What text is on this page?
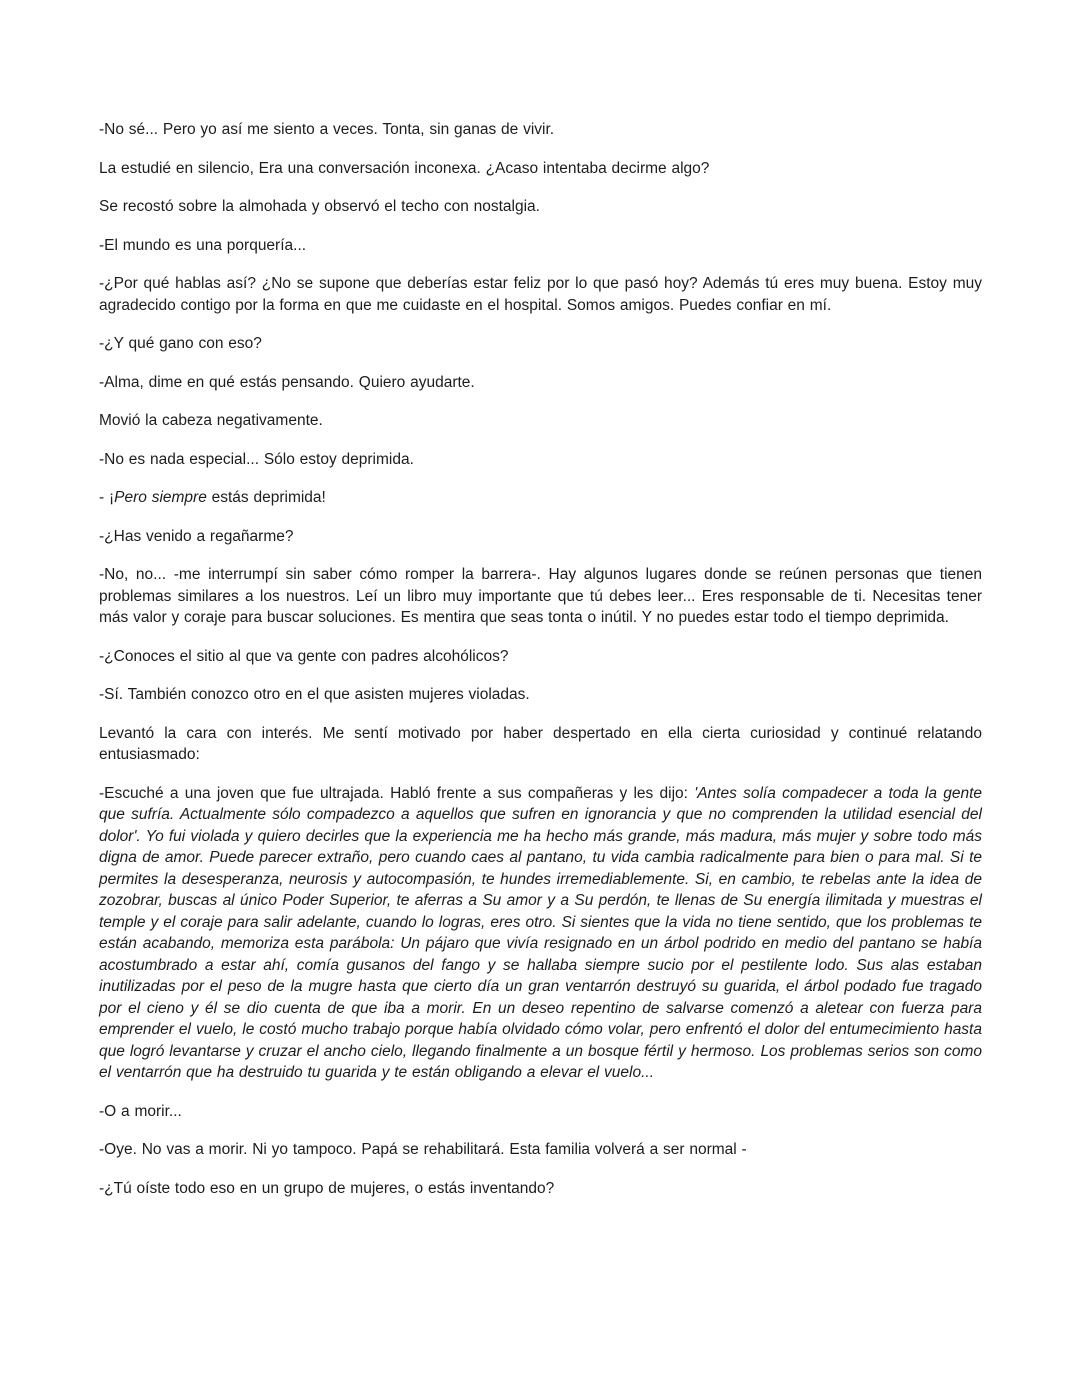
-No sé... Pero yo así me siento a veces. Tonta, sin ganas de vivir.

La estudié en silencio, Era una conversación inconexa. ¿Acaso intentaba decirme algo?

Se recostó sobre la almohada y observó el techo con nostalgia.

-El mundo es una porquería...

-¿Por qué hablas así? ¿No se supone que deberías estar feliz por lo que pasó hoy? Además tú eres muy buena. Estoy muy agradecido contigo por la forma en que me cuidaste en el hospital. Somos amigos. Puedes confiar en mí.

-¿Y qué gano con eso?

-Alma, dime en qué estás pensando. Quiero ayudarte.

Movió la cabeza negativamente.

-No es nada especial... Sólo estoy deprimida.

- ¡Pero siempre estás deprimida!

-¿Has venido a regañarme?

-No, no... -me interrumpí sin saber cómo romper la barrera-. Hay algunos lugares donde se reúnen personas que tienen problemas similares a los nuestros. Leí un libro muy importante que tú debes leer... Eres responsable de ti. Necesitas tener más valor y coraje para buscar soluciones. Es mentira que seas tonta o inútil. Y no puedes estar todo el tiempo deprimida.

-¿Conoces el sitio al que va gente con padres alcohólicos?

-Sí. También conozco otro en el que asisten mujeres violadas.

Levantó la cara con interés. Me sentí motivado por haber despertado en ella cierta curiosidad y continué relatando entusiasmado:

-Escuché a una joven que fue ultrajada. Habló frente a sus compañeras y les dijo: 'Antes solía compadecer a toda la gente que sufría. Actualmente sólo compadezco a aquellos que sufren en ignorancia y que no comprenden la utilidad esencial del dolor'. Yo fui violada y quiero decirles que la experiencia me ha hecho más grande, más madura, más mujer y sobre todo más digna de amor. Puede parecer extraño, pero cuando caes al pantano, tu vida cambia radicalmente para bien o para mal. Si te permites la desesperanza, neurosis y autocompasión, te hundes irremediablemente. Si, en cambio, te rebelas ante la idea de zozobrar, buscas al único Poder Superior, te aferras a Su amor y a Su perdón, te llenas de Su energía ilimitada y muestras el temple y el coraje para salir adelante, cuando lo logras, eres otro. Si sientes que la vida no tiene sentido, que los problemas te están acabando, memoriza esta parábola: Un pájaro que vivía resignado en un árbol podrido en medio del pantano se había acostumbrado a estar ahí, comía gusanos del fango y se hallaba siempre sucio por el pestilente lodo. Sus alas estaban inutilizadas por el peso de la mugre hasta que cierto día un gran ventarrón destruyó su guarida, el árbol podado fue tragado por el cieno y él se dio cuenta de que iba a morir. En un deseo repentino de salvarse comenzó a aletear con fuerza para emprender el vuelo, le costó mucho trabajo porque había olvidado cómo volar, pero enfrentó el dolor del entumecimiento hasta que logró levantarse y cruzar el ancho cielo, llegando finalmente a un bosque fértil y hermoso. Los problemas serios son como el ventarrón que ha destruido tu guarida y te están obligando a elevar el vuelo...

-O a morir...

-Oye. No vas a morir. Ni yo tampoco. Papá se rehabilitará. Esta familia volverá a ser normal -

-¿Tú oíste todo eso en un grupo de mujeres, o estás inventando?
